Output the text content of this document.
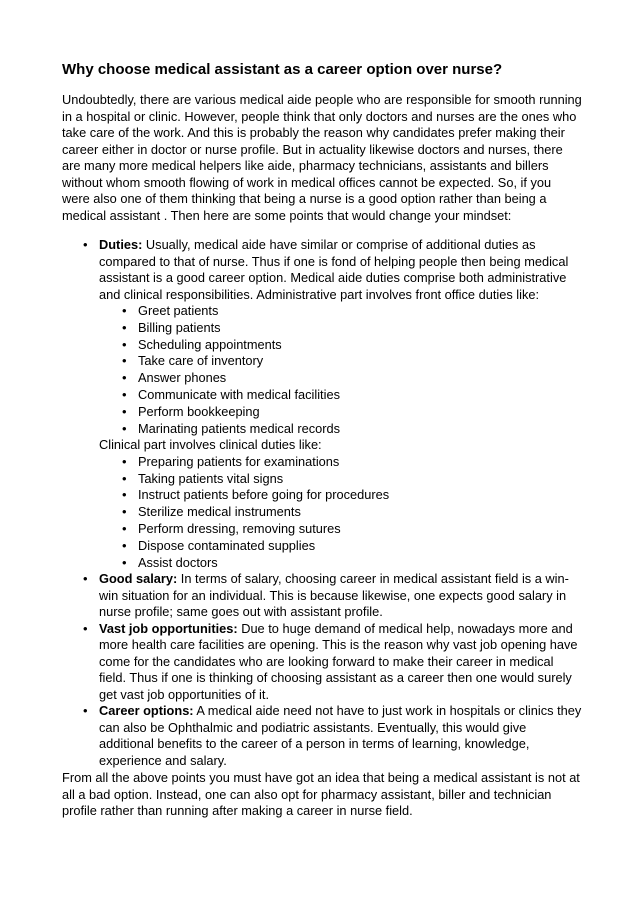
Why choose medical assistant as a career option over nurse?

Undoubtedly, there are various medical aide people who are responsible for smooth running in a hospital or clinic. However, people think that only doctors and nurses are the ones who take care of the work. And this is probably the reason why candidates prefer making their career either in doctor or nurse profile. But in actuality likewise doctors and nurses, there are many more medical helpers like aide, pharmacy technicians, assistants and billers without whom smooth flowing of work in medical offices cannot be expected. So, if you were also one of them thinking that being a nurse is a good option rather than being a medical assistant . Then here are some points that would change your mindset:

• Duties: Usually, medical aide have similar or comprise of additional duties as compared to that of nurse. Thus if one is fond of helping people then being medical assistant is a good career option. Medical aide duties comprise both administrative and clinical responsibilities. Administrative part involves front office duties like:
• Greet patients
• Billing patients
• Scheduling appointments
• Take care of inventory
• Answer phones
• Communicate with medical facilities
• Perform bookkeeping
• Marinating patients medical records
Clinical part involves clinical duties like:
• Preparing patients for examinations
• Taking patients vital signs
• Instruct patients before going for procedures
• Sterilize medical instruments
• Perform dressing, removing sutures
• Dispose contaminated supplies
• Assist doctors
• Good salary: In terms of salary, choosing career in medical assistant field is a win-win situation for an individual. This is because likewise, one expects good salary in nurse profile; same goes out with assistant profile.
• Vast job opportunities: Due to huge demand of medical help, nowadays more and more health care facilities are opening. This is the reason why vast job opening have come for the candidates who are looking forward to make their career in medical field. Thus if one is thinking of choosing assistant as a career then one would surely get vast job opportunities of it.
• Career options: A medical aide need not have to just work in hospitals or clinics they can also be Ophthalmic and podiatric assistants. Eventually, this would give additional benefits to the career of a person in terms of learning, knowledge, experience and salary.

From all the above points you must have got an idea that being a medical assistant is not at all a bad option. Instead, one can also opt for pharmacy assistant, biller and technician profile rather than running after making a career in nurse field.
